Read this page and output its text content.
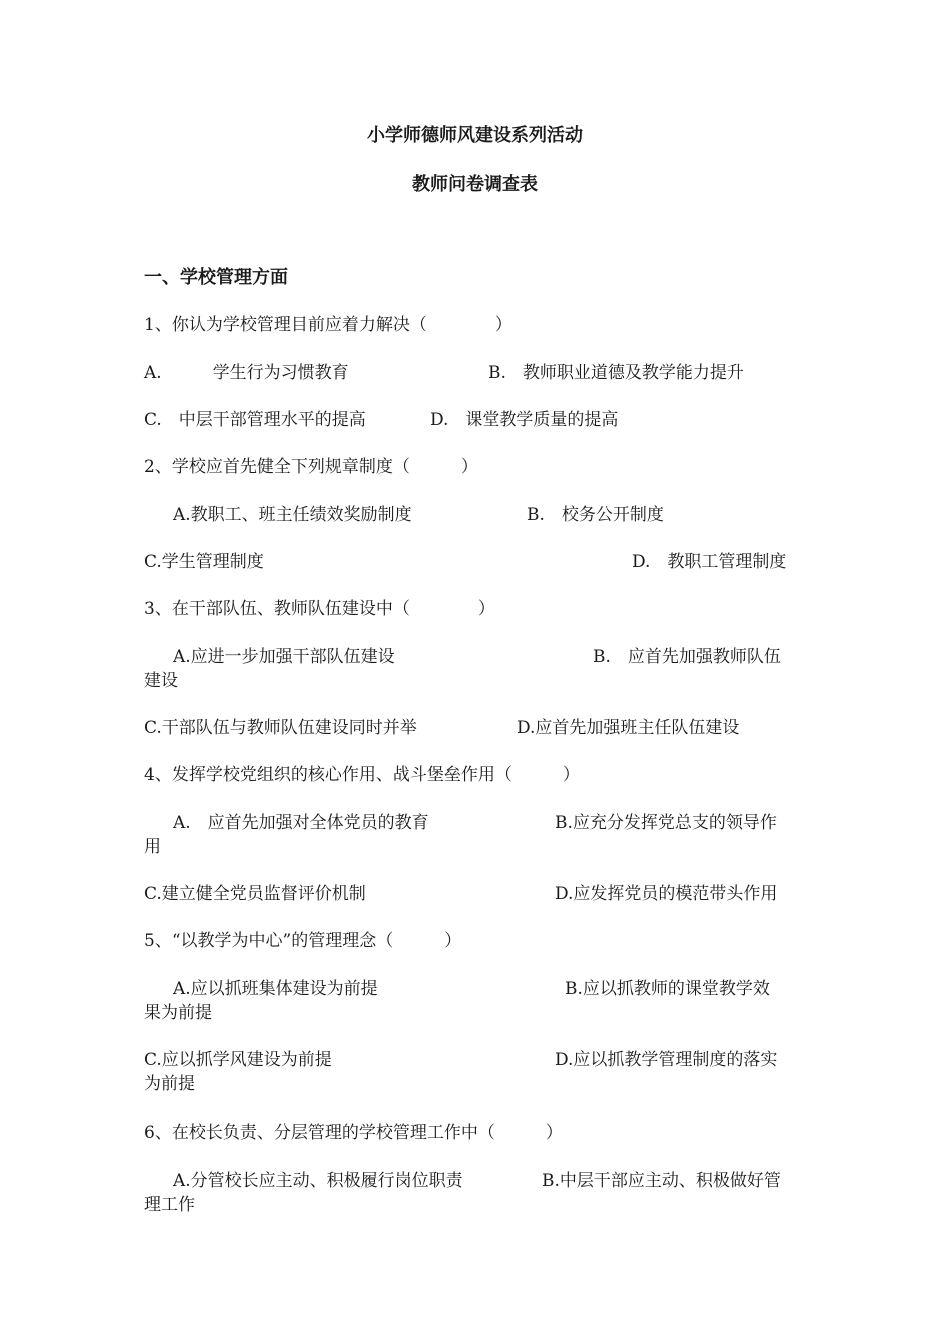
小学师德师风建设系列活动
教师问卷调查表
一、学校管理方面
1、你认为学校管理目前应着力解决（　　　　）
A.　　　学生行为习惯教育	B.　教师职业道德及教学能力提升
C.　中层干部管理水平的提高	D.　课堂教学质量的提高
2、学校应首先健全下列规章制度（　　　）
A.教职工、班主任绩效奖励制度	B.　校务公开制度
C.学生管理制度	D.　教职工管理制度
3、在干部队伍、教师队伍建设中（　　　　）
A.应进一步加强干部队伍建设	B.　应首先加强教师队伍
建设
C.干部队伍与教师队伍建设同时并举	D.应首先加强班主任队伍建设
4、发挥学校党组织的核心作用、战斗堡垒作用（　　　）
A.　应首先加强对全体党员的教育	B.应充分发挥党总支的领导作
用
C.建立健全党员监督评价机制	D.应发挥党员的模范带头作用
5、“以教学为中心”的管理理念（　　　）
A.应以抓班集体建设为前提	B.应以抓教师的课堂教学效
果为前提
C.应以抓学风建设为前提	D.应以抓教学管理制度的落实
为前提
6、在校长负责、分层管理的学校管理工作中（　　　）
A.分管校长应主动、积极履行岗位职责	B.中层干部应主动、积极做好管
理工作
